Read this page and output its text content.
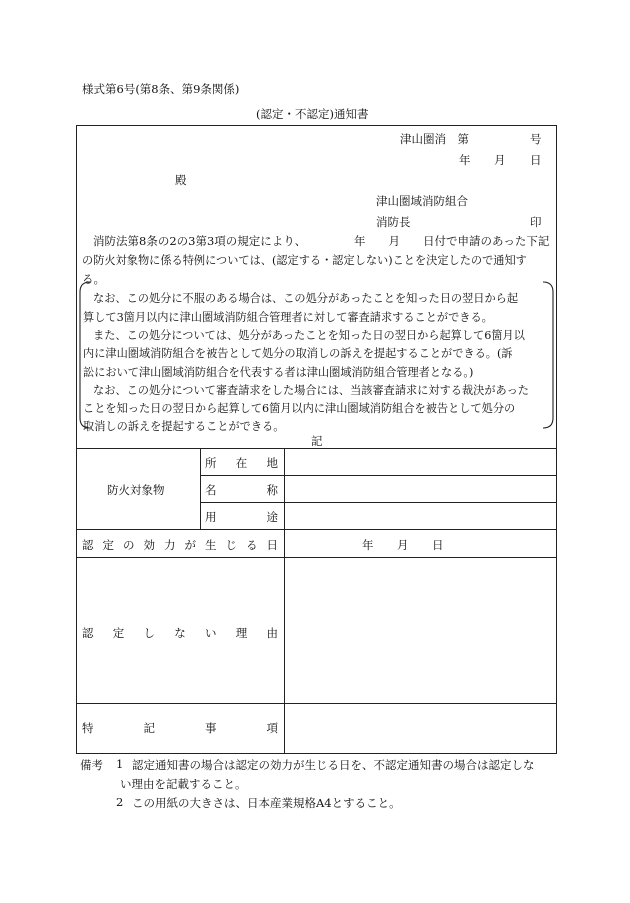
様式第6号(第8条、第9条関係)
(認定・不認定)通知書
津山圏消　第	号
年 月 日
殿
津山圏域消防組合
消防長	印
消防法第8条の2の3第3項の規定により、	年　　月　　日付で申請のあった下記
の防火対象物に係る特例については、(認定する・認定しない)ことを決定したので通知す
る。
なお、この処分に不服のある場合は、この処分があったことを知った日の翌日から起
算して3箇月以内に津山圏域消防組合管理者に対して審査請求することができる。
また、この処分については、処分があったことを知った日の翌日から起算して6箇月以
内に津山圏域消防組合を被告として処分の取消しの訴えを提起することができる。(訴
訟において津山圏域消防組合を代表する者は津山圏域消防組合管理者となる。)
なお、この処分について審査請求をした場合には、当該審査請求に対する裁決があった
ことを知った日の翌日から起算して6箇月以内に津山圏域消防組合を被告として処分の
取消しの訴えを提起することができる。
記
防火対象物
所 在 地
名	称
用	途
認 定 の 効 力 が 生 じ る 日	年 月 日
認 定 し な い 理 由
特	記	事	項
備考 1 認定通知書の場合は認定の効力が生じる日を、不認定通知書の場合は認定しな
い理由を記載すること。
2 この用紙の大きさは、日本産業規格A4とすること。
